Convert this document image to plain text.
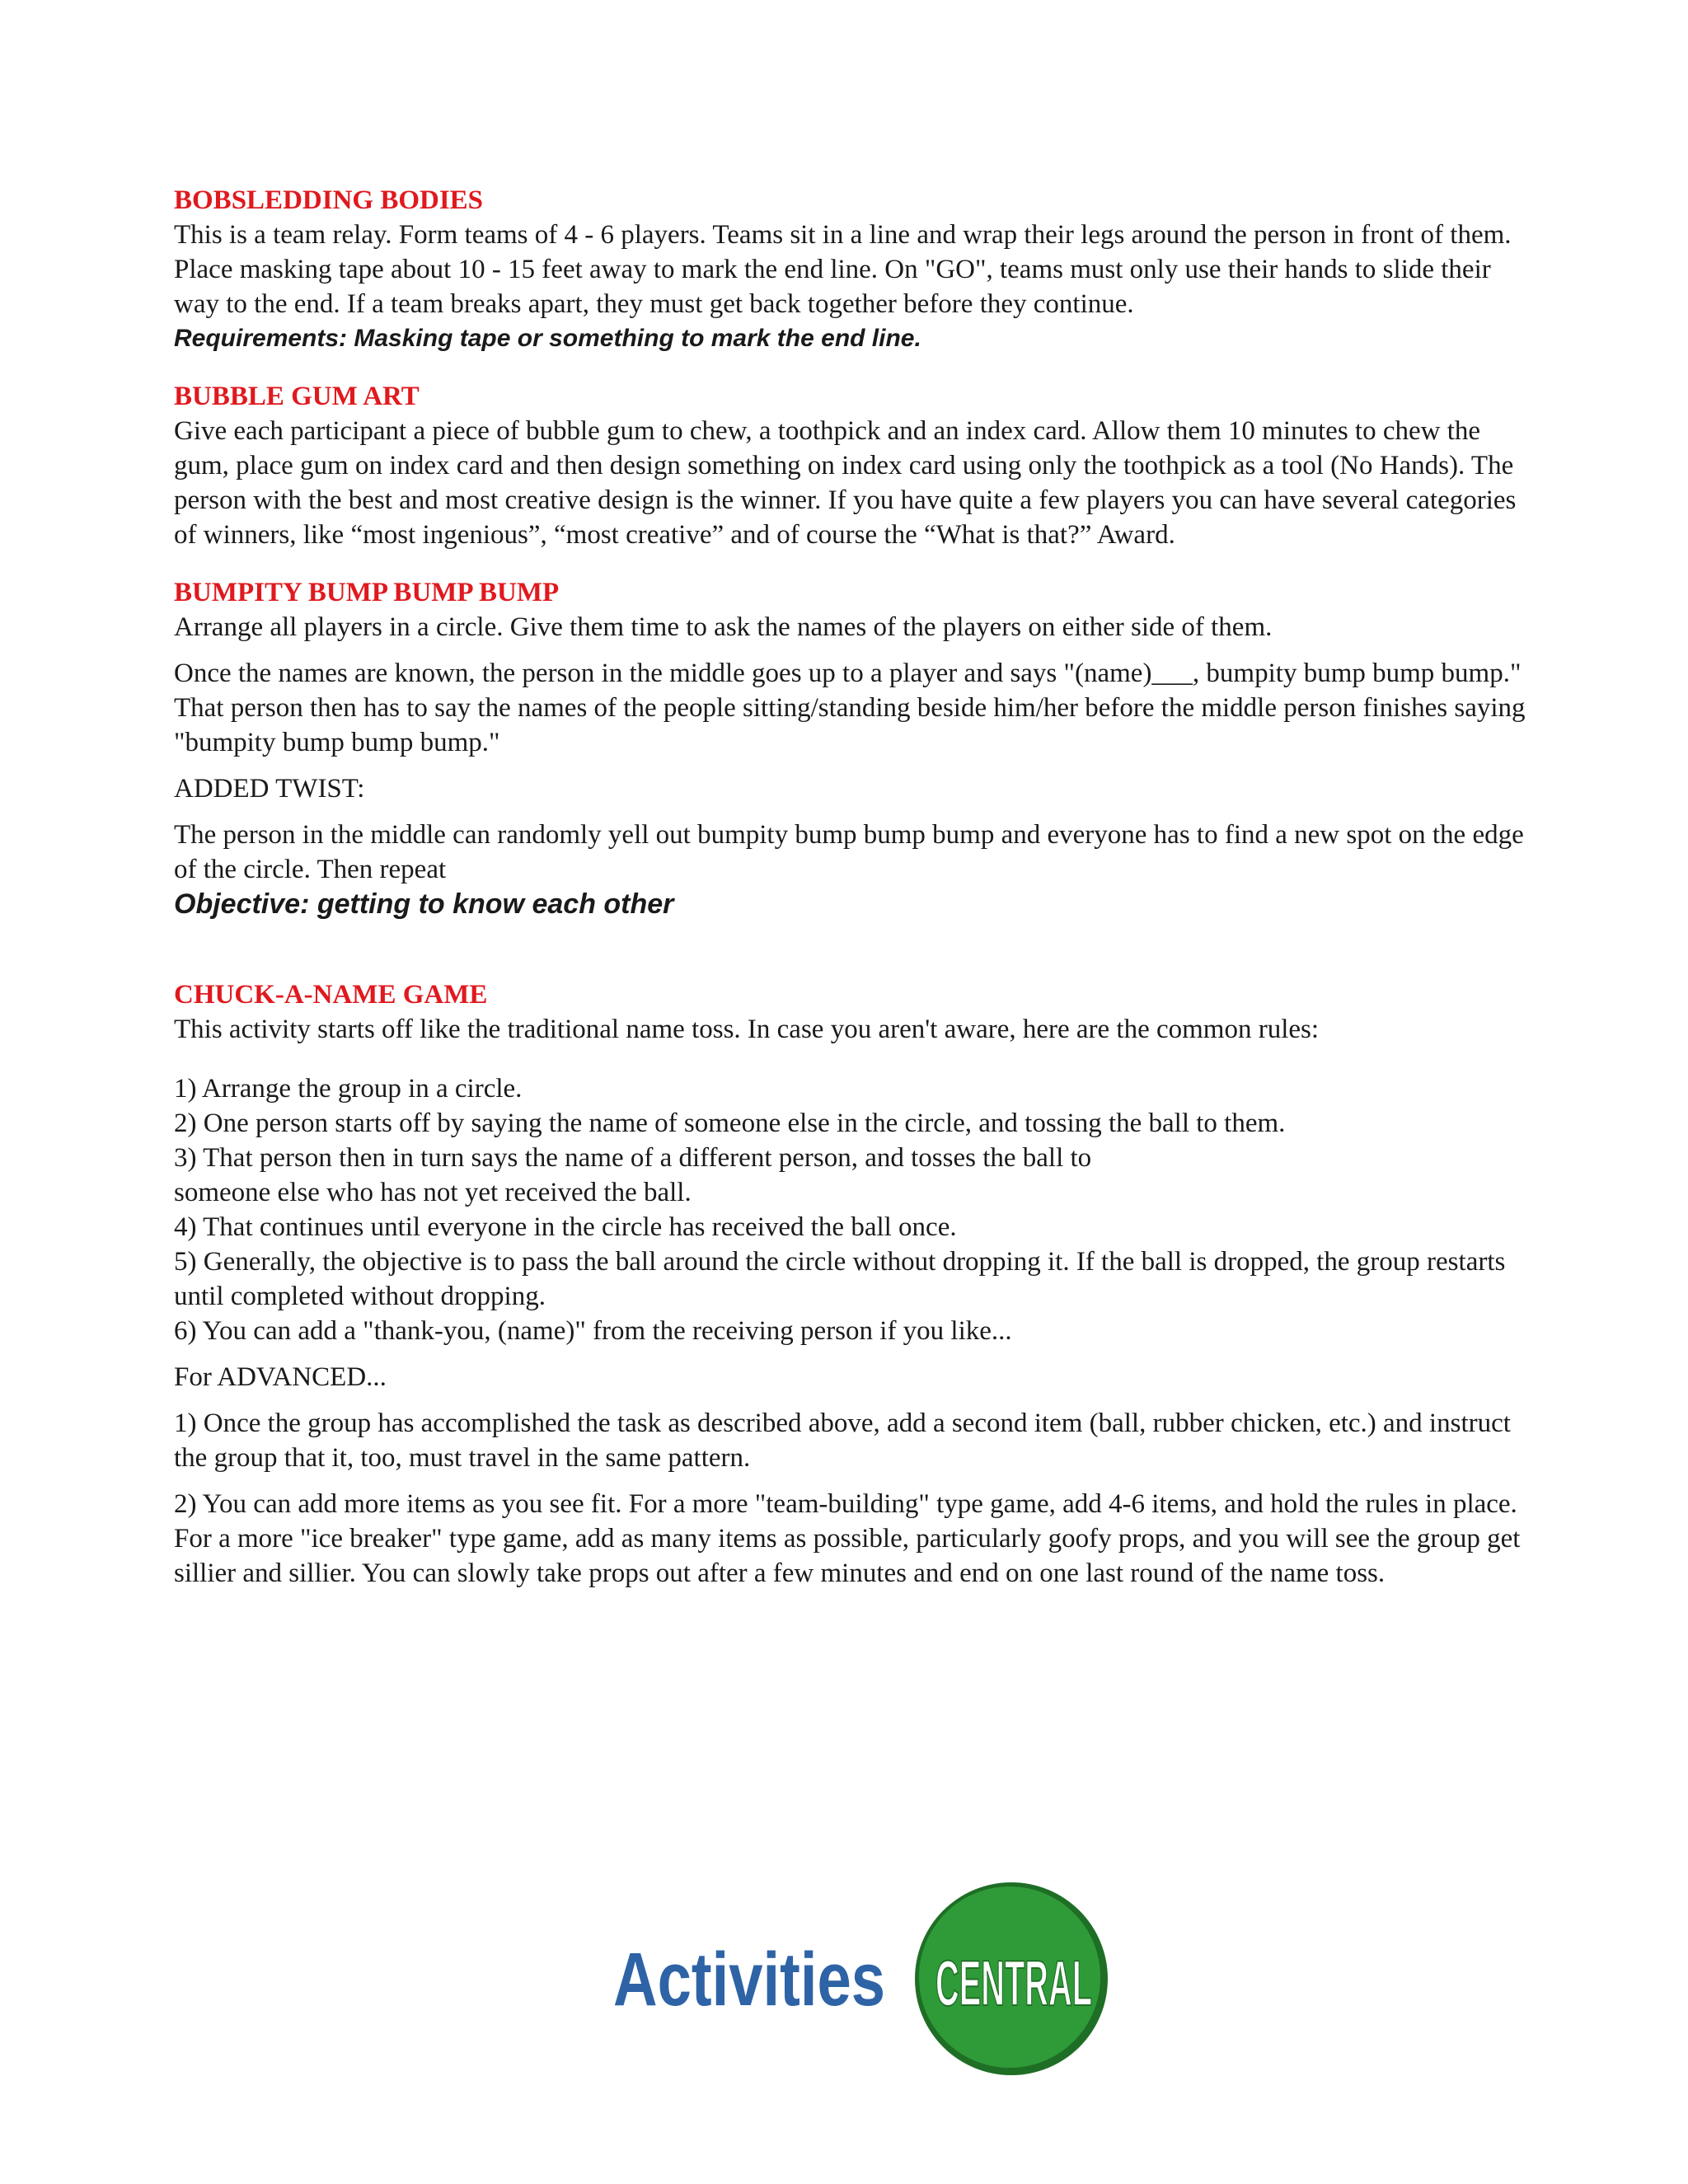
BOBSLEDDING BODIES

This is a team relay. Form teams of 4 - 6 players. Teams sit in a line and wrap their legs around the person in front of them. Place masking tape about 10 - 15 feet away to mark the end line. On "GO", teams must only use their hands to slide their way to the end. If a team breaks apart, they must get back together before they continue.

Requirements: Masking tape or something to mark the end line.

BUBBLE GUM ART

Give each participant a piece of bubble gum to chew, a toothpick and an index card. Allow them 10 minutes to chew the gum, place gum on index card and then design something on index card using only the toothpick as a tool (No Hands). The person with the best and most creative design is the winner. If you have quite a few players you can have several categories of winners, like “most ingenious”, “most creative” and of course the “What is that?” Award.

BUMPITY BUMP BUMP BUMP

Arrange all players in a circle. Give them time to ask the names of the players on either side of them.

Once the names are known, the person in the middle goes up to a player and says "(name)___, bumpity bump bump bump." That person then has to say the names of the people sitting/standing beside him/her before the middle person finishes saying "bumpity bump bump bump."

ADDED TWIST:

The person in the middle can randomly yell out bumpity bump bump bump and everyone has to find a new spot on the edge of the circle. Then repeat

Objective: getting to know each other

CHUCK-A-NAME GAME

This activity starts off like the traditional name toss. In case you aren't aware, here are the common rules:

1) Arrange the group in a circle.

2) One person starts off by saying the name of someone else in the circle, and tossing the ball to them.

3) That person then in turn says the name of a different person, and tosses the ball to

someone else who has not yet received the ball.

4) That continues until everyone in the circle has received the ball once.

5) Generally, the objective is to pass the ball around the circle without dropping it. If the ball is dropped, the group restarts until completed without dropping.

6) You can add a "thank-you, (name)" from the receiving person if you like...

For ADVANCED...

1) Once the group has accomplished the task as described above, add a second item (ball, rubber chicken, etc.) and instruct the group that it, too, must travel in the same pattern.

2) You can add more items as you see fit. For a more "team-building" type game, add 4-6 items, and hold the rules in place. For a more "ice breaker" type game, add as many items as possible, particularly goofy props, and you will see the group get sillier and sillier. You can slowly take props out after a few minutes and end on one last round of the name toss.

Activities CENTRAL
